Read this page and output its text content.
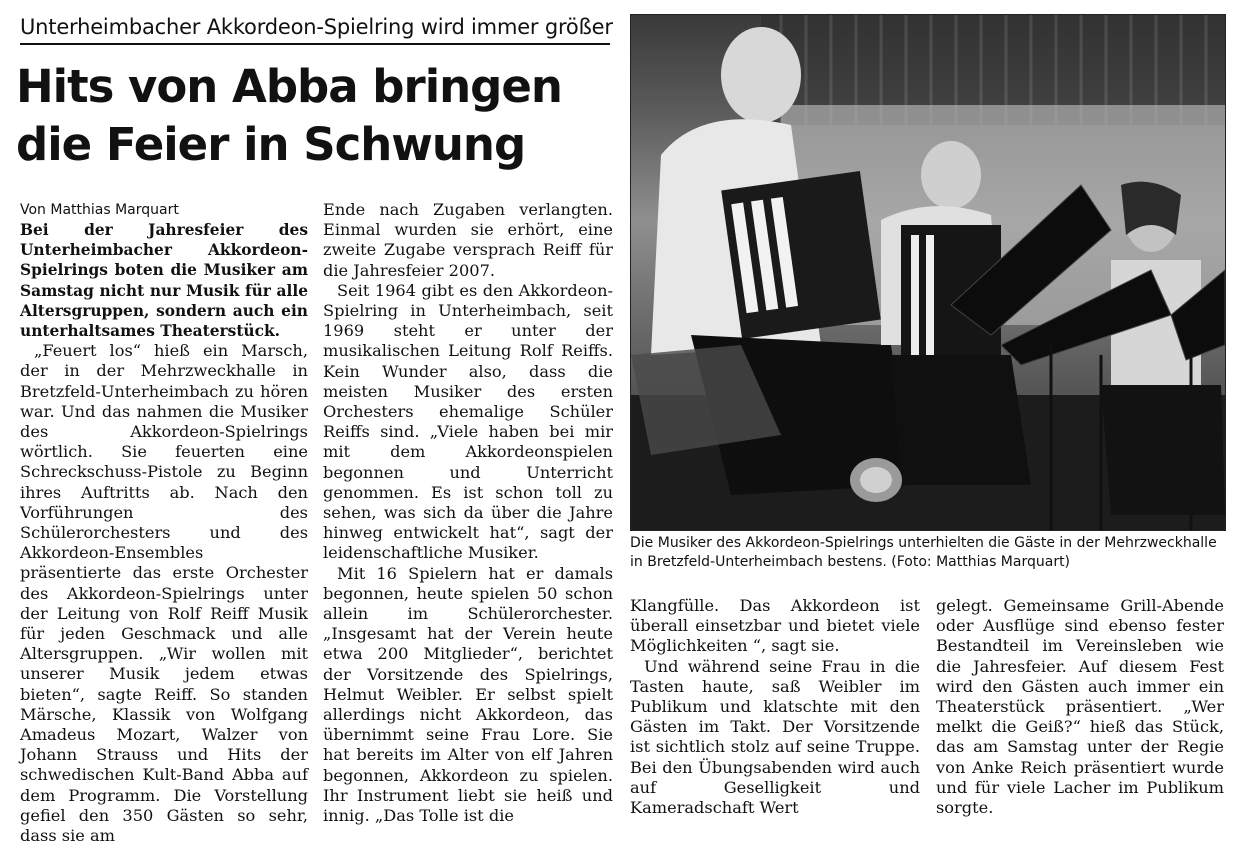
Unterheimbacher Akkordeon-Spielring wird immer größer
Hits von Abba bringen
die Feier in Schwung

Von Matthias Marquart

Bei der Jahresfeier des Unterheimbacher Akkordeon-Spielrings boten die Musiker am Samstag nicht nur Musik für alle Altersgruppen, sondern auch ein unterhaltsames Theaterstück.

„Feuert los“ hieß ein Marsch, der in der Mehrzweckhalle in Bretzfeld-Unterheimbach zu hören war. Und das nahmen die Musiker des Akkordeon-Spielrings wörtlich. Sie feuerten eine Schreckschuss-Pistole zu Beginn ihres Auftritts ab. Nach den Vorführungen des Schülerorchesters und des Akkordeon-Ensembles präsentierte das erste Orchester des Akkordeon-Spielrings unter der Leitung von Rolf Reiff Musik für jeden Geschmack und alle Altersgruppen. „Wir wollen mit unserer Musik jedem etwas bieten“, sagte Reiff. So standen Märsche, Klassik von Wolfgang Amadeus Mozart, Walzer von Johann Strauss und Hits der schwedischen Kult-Band Abba auf dem Programm. Die Vorstellung gefiel den 350 Gästen so sehr, dass sie am

Ende nach Zugaben verlangten. Einmal wurden sie erhört, eine zweite Zugabe versprach Reiff für die Jahresfeier 2007.

Seit 1964 gibt es den Akkordeon-Spielring in Unterheimbach, seit 1969 steht er unter der musikalischen Leitung Rolf Reiffs. Kein Wunder also, dass die meisten Musiker des ersten Orchesters ehemalige Schüler Reiffs sind. „Viele haben bei mir mit dem Akkordeonspielen begonnen und Unterricht genommen. Es ist schon toll zu sehen, was sich da über die Jahre hinweg entwickelt hat“, sagt der leidenschaftliche Musiker.

Mit 16 Spielern hat er damals begonnen, heute spielen 50 schon allein im Schülerorchester. „Insgesamt hat der Verein heute etwa 200 Mitglieder“, berichtet der Vorsitzende des Spielrings, Helmut Weibler. Er selbst spielt allerdings nicht Akkordeon, das übernimmt seine Frau Lore. Sie hat bereits im Alter von elf Jahren begonnen, Akkordeon zu spielen. Ihr Instrument liebt sie heiß und innig. „Das Tolle ist die

Die Musiker des Akkordeon-Spielrings unterhielten die Gäste in der Mehrzweckhalle in Bretzfeld-Unterheimbach bestens. (Foto: Matthias Marquart)

Klangfülle. Das Akkordeon ist überall einsetzbar und bietet viele Möglichkeiten “, sagt sie.

Und während seine Frau in die Tasten haute, saß Weibler im Publikum und klatschte mit den Gästen im Takt. Der Vorsitzende ist sichtlich stolz auf seine Truppe. Bei den Übungsabenden wird auch auf Geselligkeit und Kameradschaft Wert

gelegt. Gemeinsame Grill-Abende oder Ausflüge sind ebenso fester Bestandteil im Vereinsleben wie die Jahresfeier. Auf diesem Fest wird den Gästen auch immer ein Theaterstück präsentiert. „Wer melkt die Geiß?“ hieß das Stück, das am Samstag unter der Regie von Anke Reich präsentiert wurde und für viele Lacher im Publikum sorgte.
